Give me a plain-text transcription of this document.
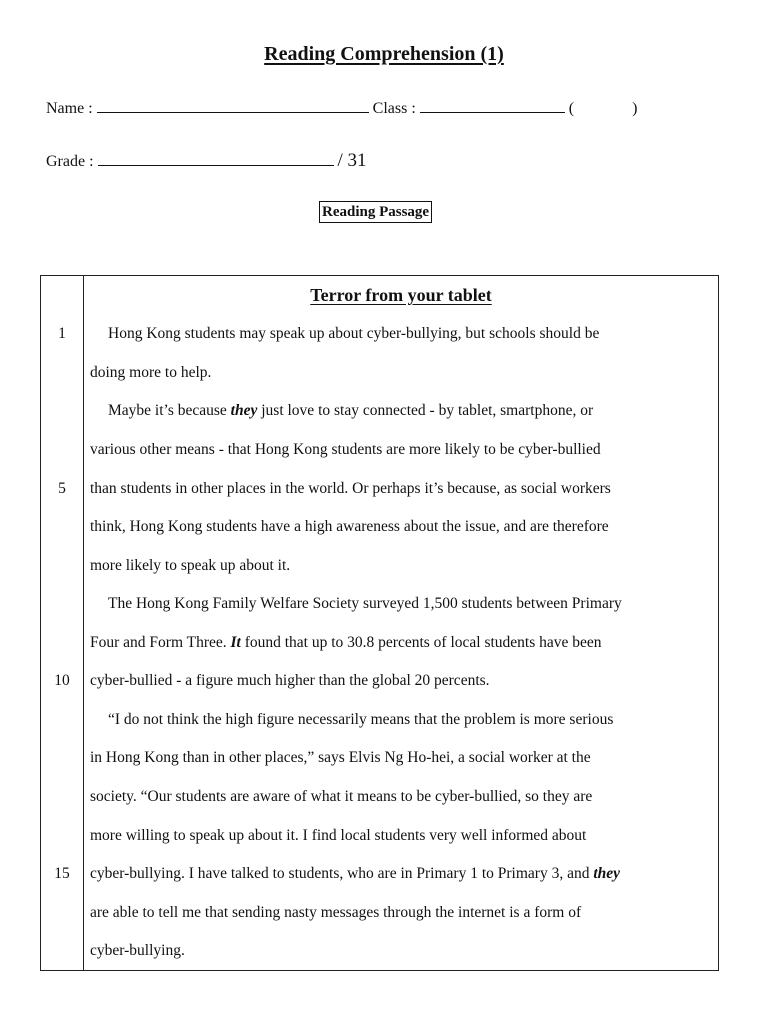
Reading Comprehension (1)
Name :	Class :	(	)
Grade :	/ 31
Reading Passage
Terror from your tablet
1
5
10
15
Hong Kong students may speak up about cyber-bullying, but schools should be
doing more to help.
Maybe it’s because they just love to stay connected - by tablet, smartphone, or
various other means - that Hong Kong students are more likely to be cyber-bullied
than students in other places in the world. Or perhaps it’s because, as social workers
think, Hong Kong students have a high awareness about the issue, and are therefore
more likely to speak up about it.
The Hong Kong Family Welfare Society surveyed 1,500 students between Primary
Four and Form Three. It found that up to 30.8 percents of local students have been
cyber-bullied - a figure much higher than the global 20 percents.
“I do not think the high figure necessarily means that the problem is more serious
in Hong Kong than in other places,” says Elvis Ng Ho-hei, a social worker at the
society. “Our students are aware of what it means to be cyber-bullied, so they are
more willing to speak up about it. I find local students very well informed about
cyber-bullying. I have talked to students, who are in Primary 1 to Primary 3, and they
are able to tell me that sending nasty messages through the internet is a form of
cyber-bullying.
